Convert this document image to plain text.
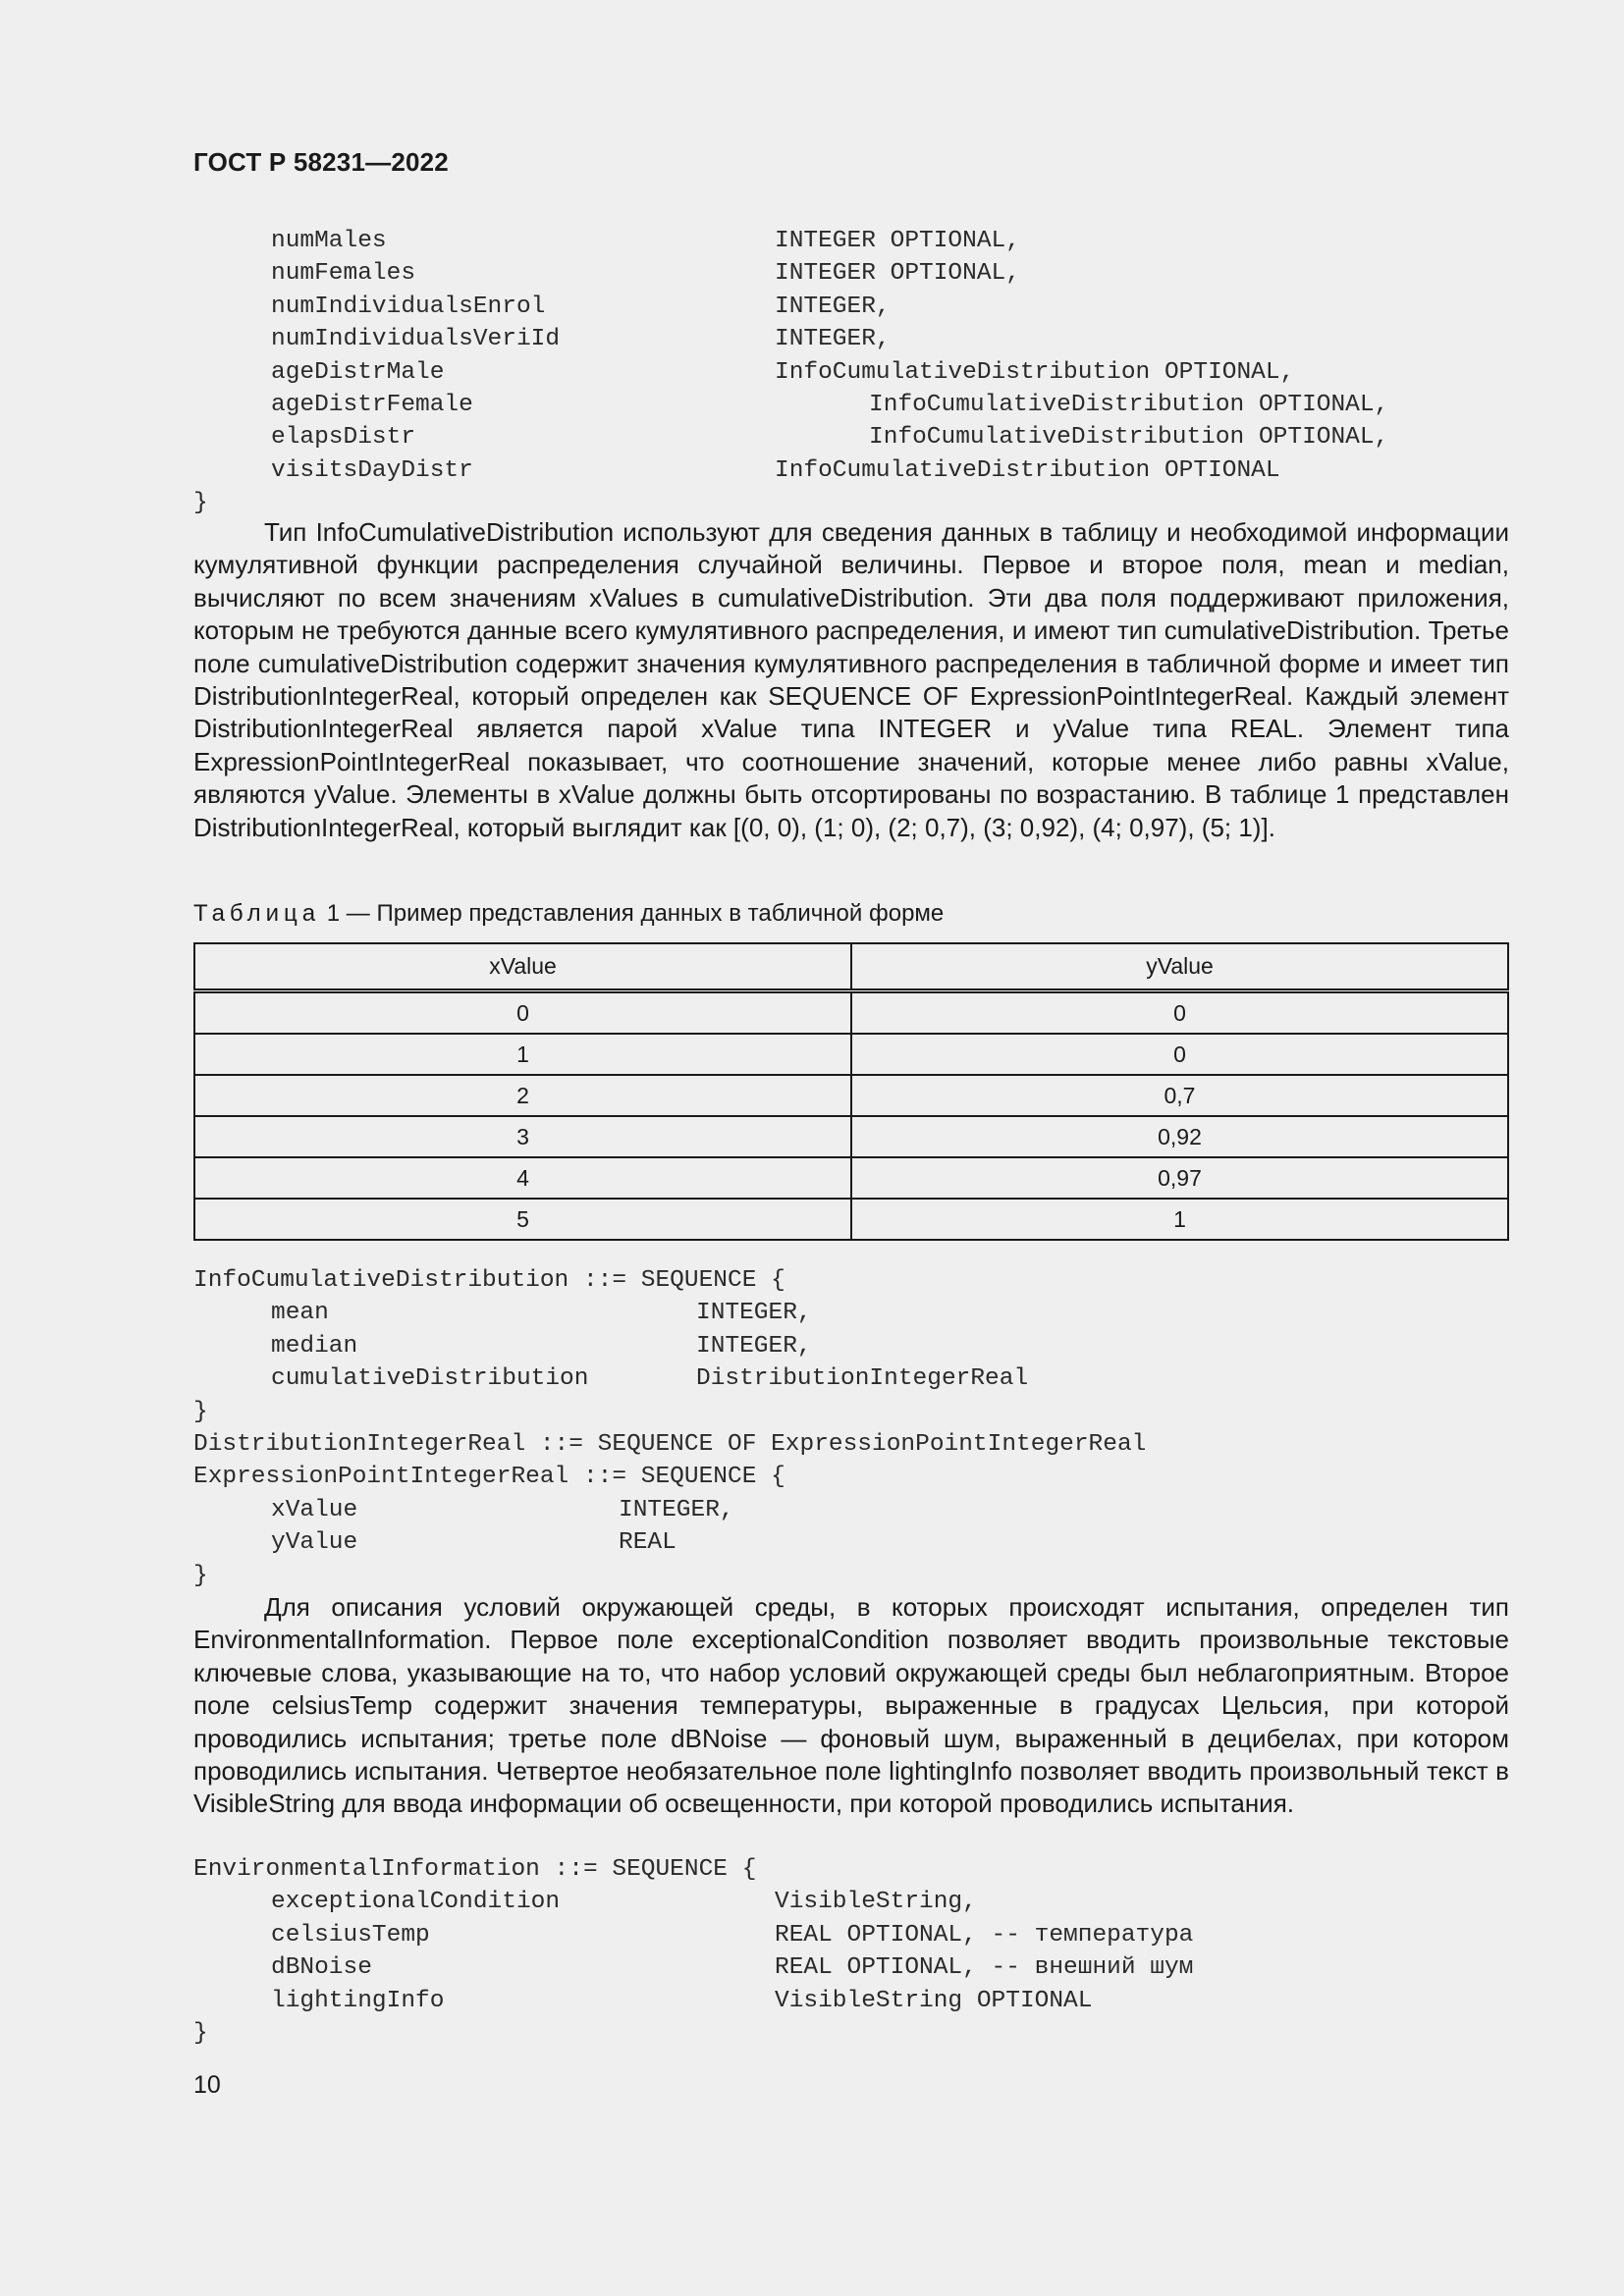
ГОСТ Р 58231—2022
numMales	INTEGER OPTIONAL,
numFemales	INTEGER OPTIONAL,
numIndividualsEnrol	INTEGER,
numIndividualsVeriId	INTEGER,
ageDistrMale	InfoCumulativeDistribution OPTIONAL,
ageDistrFemale	InfoCumulativeDistribution OPTIONAL,
elapsDistr	InfoCumulativeDistribution OPTIONAL,
visitsDayDistr	InfoCumulativeDistribution OPTIONAL
}

Тип InfoCumulativeDistribution используют для сведения данных в таблицу и необходимой информации кумулятивной функции распределения случайной величины. Первое и второе поля, mean и median, вычисляют по всем значениям xValues в cumulativeDistribution. Эти два поля поддерживают приложения, которым не требуются данные всего кумулятивного распределения, и имеют тип cumulativeDistribution. Третье поле cumulativeDistribution содержит значения кумулятивного распределения в табличной форме и имеет тип DistributionIntegerReal, который определен как SEQUENCE OF ExpressionPointIntegerReal. Каждый элемент DistributionIntegerReal является парой xValue типа INTEGER и yValue типа REAL. Элемент типа ExpressionPointIntegerReal показывает, что соотношение значений, которые менее либо равны xValue, являются yValue. Элементы в xValue должны быть отсортированы по возрастанию. В таблице 1 представлен DistributionIntegerReal, который выглядит как [(0, 0), (1; 0), (2; 0,7), (3; 0,92), (4; 0,97), (5; 1)].

Таблица 1 — Пример представления данных в табличной форме
xValue	yValue
0	0
1	0
2	0,7
3	0,92
4	0,97
5	1
InfoCumulativeDistribution ::= SEQUENCE {
mean	INTEGER,
median	INTEGER,
cumulativeDistribution	DistributionIntegerReal
}
DistributionIntegerReal ::= SEQUENCE OF ExpressionPointIntegerReal
ExpressionPointIntegerReal ::= SEQUENCE {
xValue	INTEGER,
yValue	REAL
}

Для описания условий окружающей среды, в которых происходят испытания, определен тип EnvironmentalInformation. Первое поле exceptionalCondition позволяет вводить произвольные текстовые ключевые слова, указывающие на то, что набор условий окружающей среды был неблагоприятным. Второе поле celsiusTemp содержит значения температуры, выраженные в градусах Цельсия, при которой проводились испытания; третье поле dBNoise — фоновый шум, выраженный в децибелах, при котором проводились испытания. Четвертое необязательное поле lightingInfo позволяет вводить произвольный текст в VisibleString для ввода информации об освещенности, при которой проводились испытания.

EnvironmentalInformation ::= SEQUENCE {
exceptionalCondition	VisibleString,
celsiusTemp	REAL OPTIONAL, -- температура
dBNoise	REAL OPTIONAL, -- внешний шум
lightingInfo	VisibleString OPTIONAL
}
10
